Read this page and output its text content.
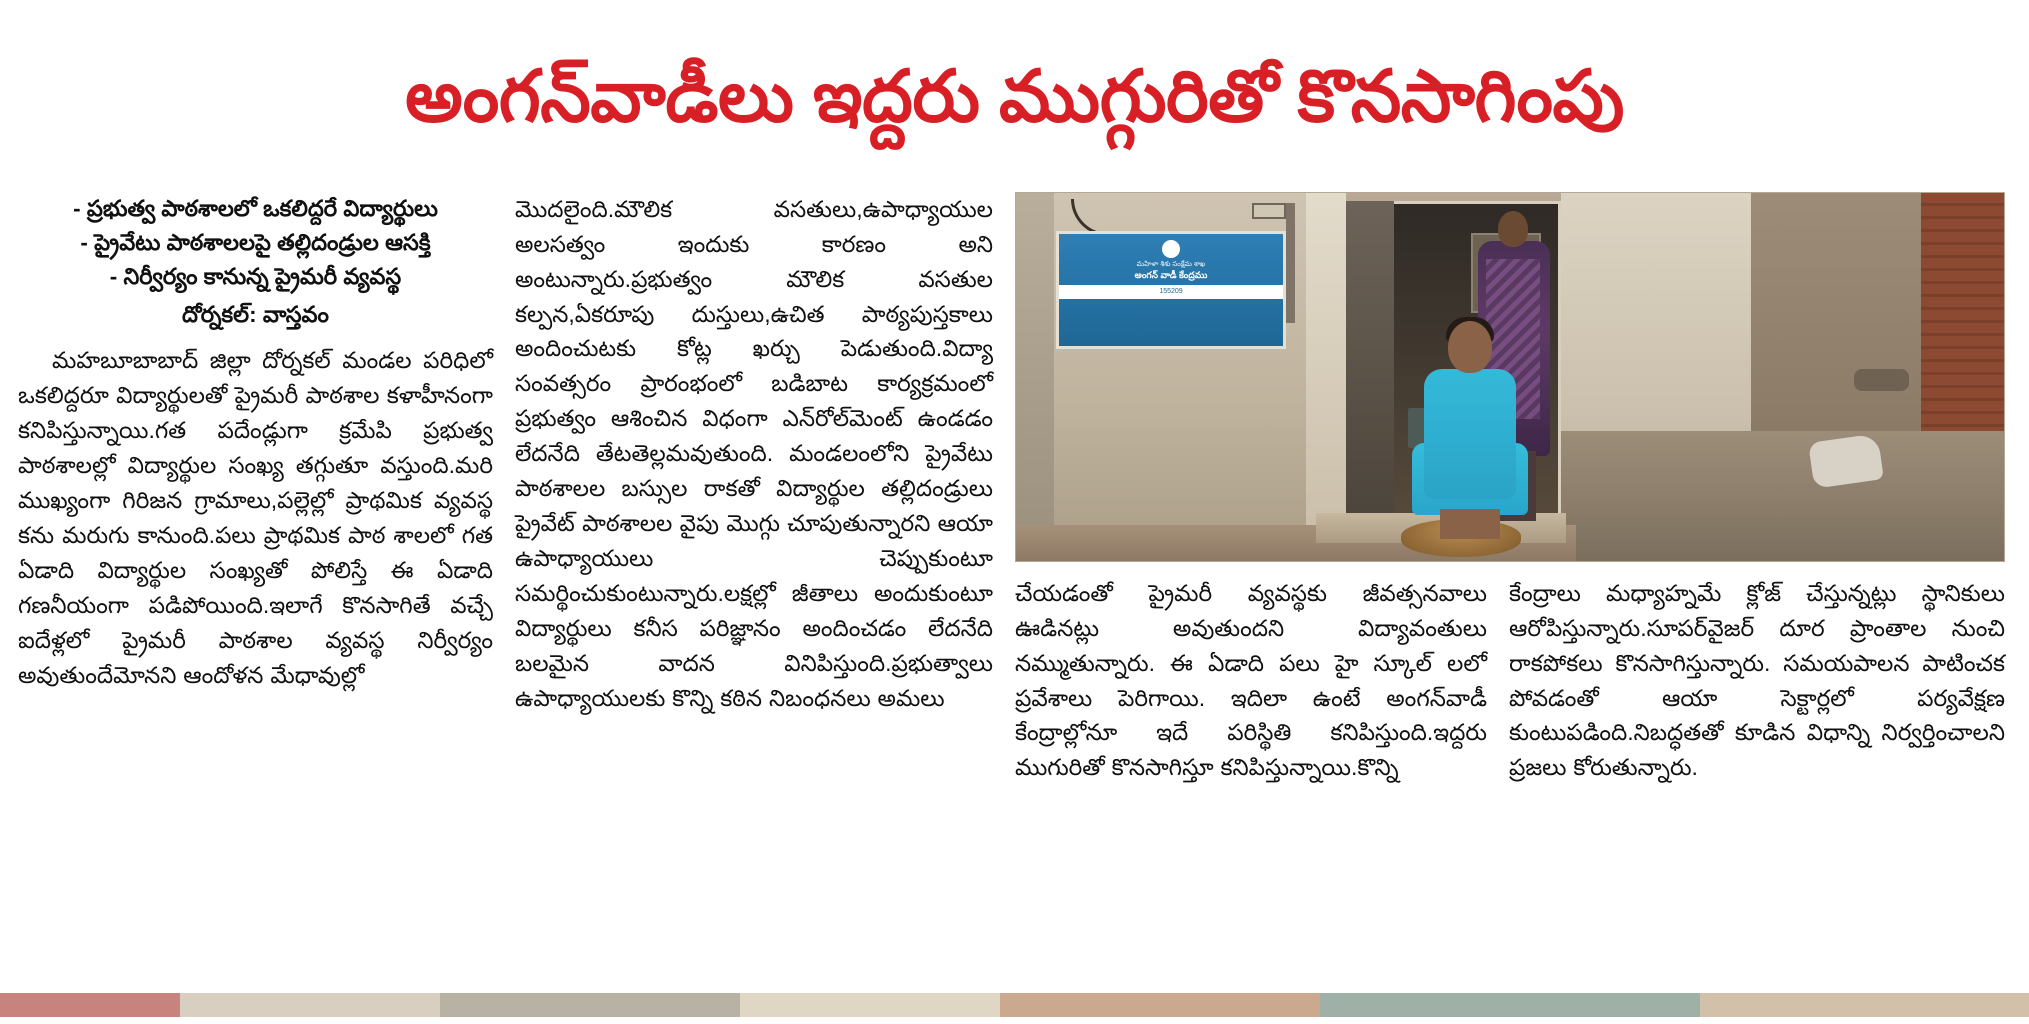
అంగన్‌వాడీలు ఇద్దరు ముగ్గురితో కొనసాగింపు
- ప్రభుత్వ పాఠశాలలో ఒకలిద్దరే విద్యార్థులు
- ప్రైవేటు పాఠశాలలపై తల్లిదండ్రుల ఆసక్తి
- నిర్వీర్యం కానున్న ప్రైమరీ వ్యవస్థ
దోర్నకల్: వాస్తవం

మహబూబాబాద్ జిల్లా దోర్నకల్ మండల పరిధిలో ఒకలిద్దరూ విద్యార్థులతో ప్రైమరీ పాఠశాల కళాహీనంగా కనిపిస్తున్నాయి.గత పదేండ్లుగా క్రమేపి ప్రభుత్వ పాఠశాలల్లో విద్యార్థుల సంఖ్య తగ్గుతూ వస్తుంది.మరి ముఖ్యంగా గిరిజన గ్రామాలు,పల్లెల్లో ప్రాథమిక వ్యవస్థ కను మరుగు కానుంది.పలు ప్రాథమిక పాఠ శాలలో గత ఏడాది విద్యార్థుల సంఖ్యతో పోలిస్తే ఈ ఏడాది గణనీయంగా పడిపోయింది.ఇలాగే కొనసాగితే వచ్చే ఐదేళ్లలో ప్రైమరీ పాఠశాల వ్యవస్థ నిర్వీర్యం అవుతుందేమోనని ఆందోళన మేధావుల్లో

మొదలైంది.మౌలిక వసతులు,ఉపాధ్యాయుల అలసత్వం ఇందుకు కారణం అని అంటున్నారు.ప్రభుత్వం మౌలిక వసతుల కల్పన,ఏకరూపు దుస్తులు,ఉచిత పాఠ్యపుస్తకాలు అందించుటకు కోట్ల ఖర్చు పెడుతుంది.విద్యా సంవత్సరం ప్రారంభంలో బడిబాట కార్యక్రమంలో ప్రభుత్వం ఆశించిన విధంగా ఎన్‌రోల్‌మెంట్ ఉండడం లేదనేది తేటతెల్లమవుతుంది. మండలంలోని ప్రైవేటు పాఠశాలల బస్సుల రాకతో విద్యార్థుల తల్లిదండ్రులు ప్రైవేట్ పాఠశాలల వైపు మొగ్గు చూపుతున్నారని ఆయా ఉపాధ్యాయులు చెప్పుకుంటూ సమర్థించుకుంటున్నారు.లక్షల్లో జీతాలు అందుకుంటూ విద్యార్థులు కనీస పరిజ్ఞానం అందించడం లేదనేది బలమైన వాదన వినిపిస్తుంది.ప్రభుత్వాలు ఉపాధ్యాయులకు కొన్ని కఠిన నిబంధనలు అమలు

మహిళా శిశు సంక్షేమ శాఖ
అంగన్ వాడీ కేంద్రము
155209

చేయడంతో ప్రైమరీ వ్యవస్థకు జీవత్సనవాలు ఊడినట్లు అవుతుందని విద్యావంతులు నమ్ముతున్నారు. ఈ ఏడాది పలు హై స్కూల్ లలో ప్రవేశాలు పెరిగాయి. ఇదిలా ఉంటే అంగన్‌వాడీ కేంద్రాల్లోనూ ఇదే పరిస్థితి కనిపిస్తుంది.ఇద్దరు ముగురితో కొనసాగిస్తూ కనిపిస్తున్నాయి.కొన్ని

కేంద్రాలు మధ్యాహ్నమే క్లోజ్ చేస్తున్నట్లు స్థానికులు ఆరోపిస్తున్నారు.సూపర్‌వైజర్ దూర ప్రాంతాల నుంచి రాకపోకలు కొనసాగిస్తున్నారు. సమయపాలన పాటించక పోవడంతో ఆయా సెక్టార్లలో పర్యవేక్షణ కుంటుపడింది.నిబద్ధతతో కూడిన విధాన్ని నిర్వర్తించాలని ప్రజలు కోరుతున్నారు.
